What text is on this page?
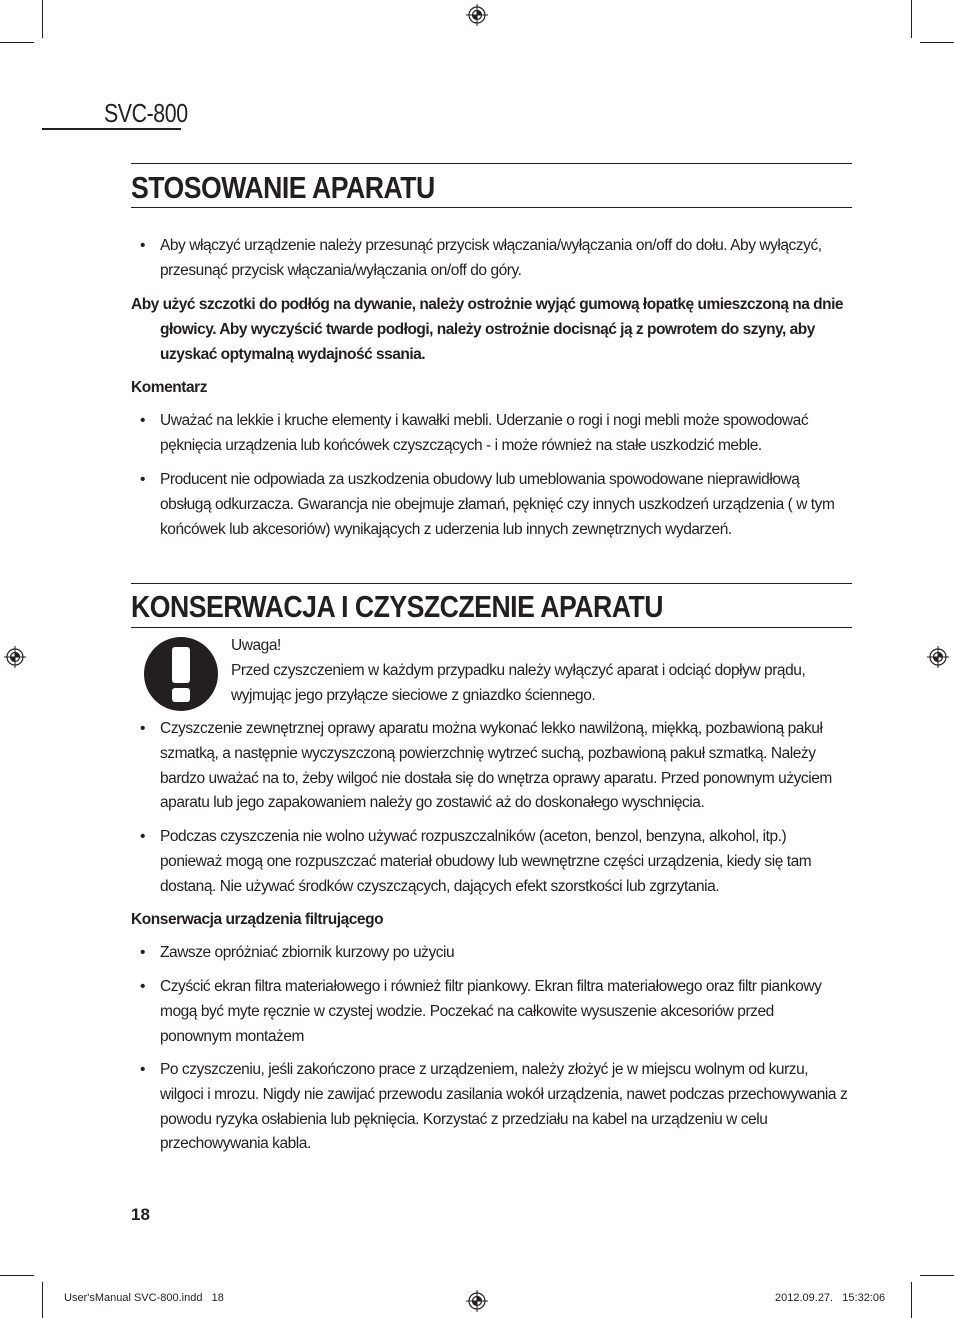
SVC-800
STOSOWANIE APARATU
• Aby włączyć urządzenie należy przesunąć przycisk włączania/wyłączania on/off do dołu. Aby wyłączyć, przesunąć przycisk włączania/wyłączania on/off do góry.
Aby użyć szczotki do podłóg na dywanie, należy ostrożnie wyjąć gumową łopatkę umieszczoną na dnie głowicy. Aby wyczyścić twarde podłogi, należy ostrożnie docisnąć ją z powrotem do szyny, aby uzyskać optymalną wydajność ssania.
Komentarz
• Uważać na lekkie i kruche elementy i kawałki mebli. Uderzanie o rogi i nogi mebli może spowodować pęknięcia urządzenia lub końcówek czyszczących - i może również na stałe uszkodzić meble.
• Producent nie odpowiada za uszkodzenia obudowy lub umeblowania spowodowane nieprawidłową obsługą odkurzacza. Gwarancja nie obejmuje złamań, pęknięć czy innych uszkodzeń urządzenia ( w tym końcówek lub akcesoriów) wynikających z uderzenia lub innych zewnętrznych wydarzeń.
KONSERWACJA I CZYSZCZENIE APARATU
Uwaga!
Przed czyszczeniem w każdym przypadku należy wyłączyć aparat i odciąć dopływ prądu, wyjmując jego przyłącze sieciowe z gniazdko ściennego.
• Czyszczenie zewnętrznej oprawy aparatu można wykonać lekko nawilżoną, miękką, pozbawioną pakuł szmatką, a następnie wyczyszczoną powierzchnię wytrzeć suchą, pozbawioną pakuł szmatką. Należy bardzo uważać na to, żeby wilgoć nie dostała się do wnętrza oprawy aparatu. Przed ponownym użyciem aparatu lub jego zapakowaniem należy go zostawić aż do doskonałego wyschnięcia.
• Podczas czyszczenia nie wolno używać rozpuszczalników (aceton, benzol, benzyna, alkohol, itp.) ponieważ mogą one rozpuszczać materiał obudowy lub wewnętrzne części urządzenia, kiedy się tam dostaną. Nie używać środków czyszczących, dających efekt szorstkości lub zgrzytania.
Konserwacja urządzenia filtrującego
• Zawsze opróżniać zbiornik kurzowy po użyciu
• Czyścić ekran filtra materiałowego i również filtr piankowy. Ekran filtra materiałowego oraz filtr piankowy mogą być myte ręcznie w czystej wodzie. Poczekać na całkowite wysuszenie akcesoriów przed ponownym montażem
• Po czyszczeniu, jeśli zakończono prace z urządzeniem, należy złożyć je w miejscu wolnym od kurzu, wilgoci i mrozu. Nigdy nie zawijać przewodu zasilania wokół urządzenia, nawet podczas przechowywania z powodu ryzyka osłabienia lub pęknięcia. Korzystać z przedziału na kabel na urządzeniu w celu przechowywania kabla.
18
User'sManual SVC-800.indd   18	2012.09.27.   15:32:06
